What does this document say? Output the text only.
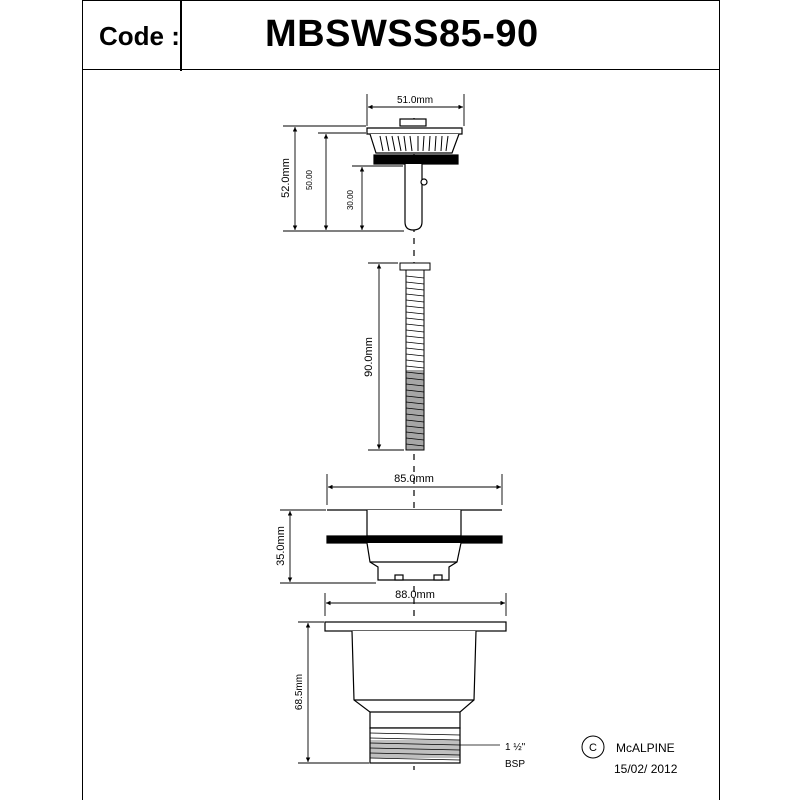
Code : MBSWSS85-90
51.0mm
52.0mm 50.00
30.00
90.0mm
85.0mm
35.0mm
88.0mm
68.5mm
1 ½"
BSP
C McALPINE
15/02/ 2012
